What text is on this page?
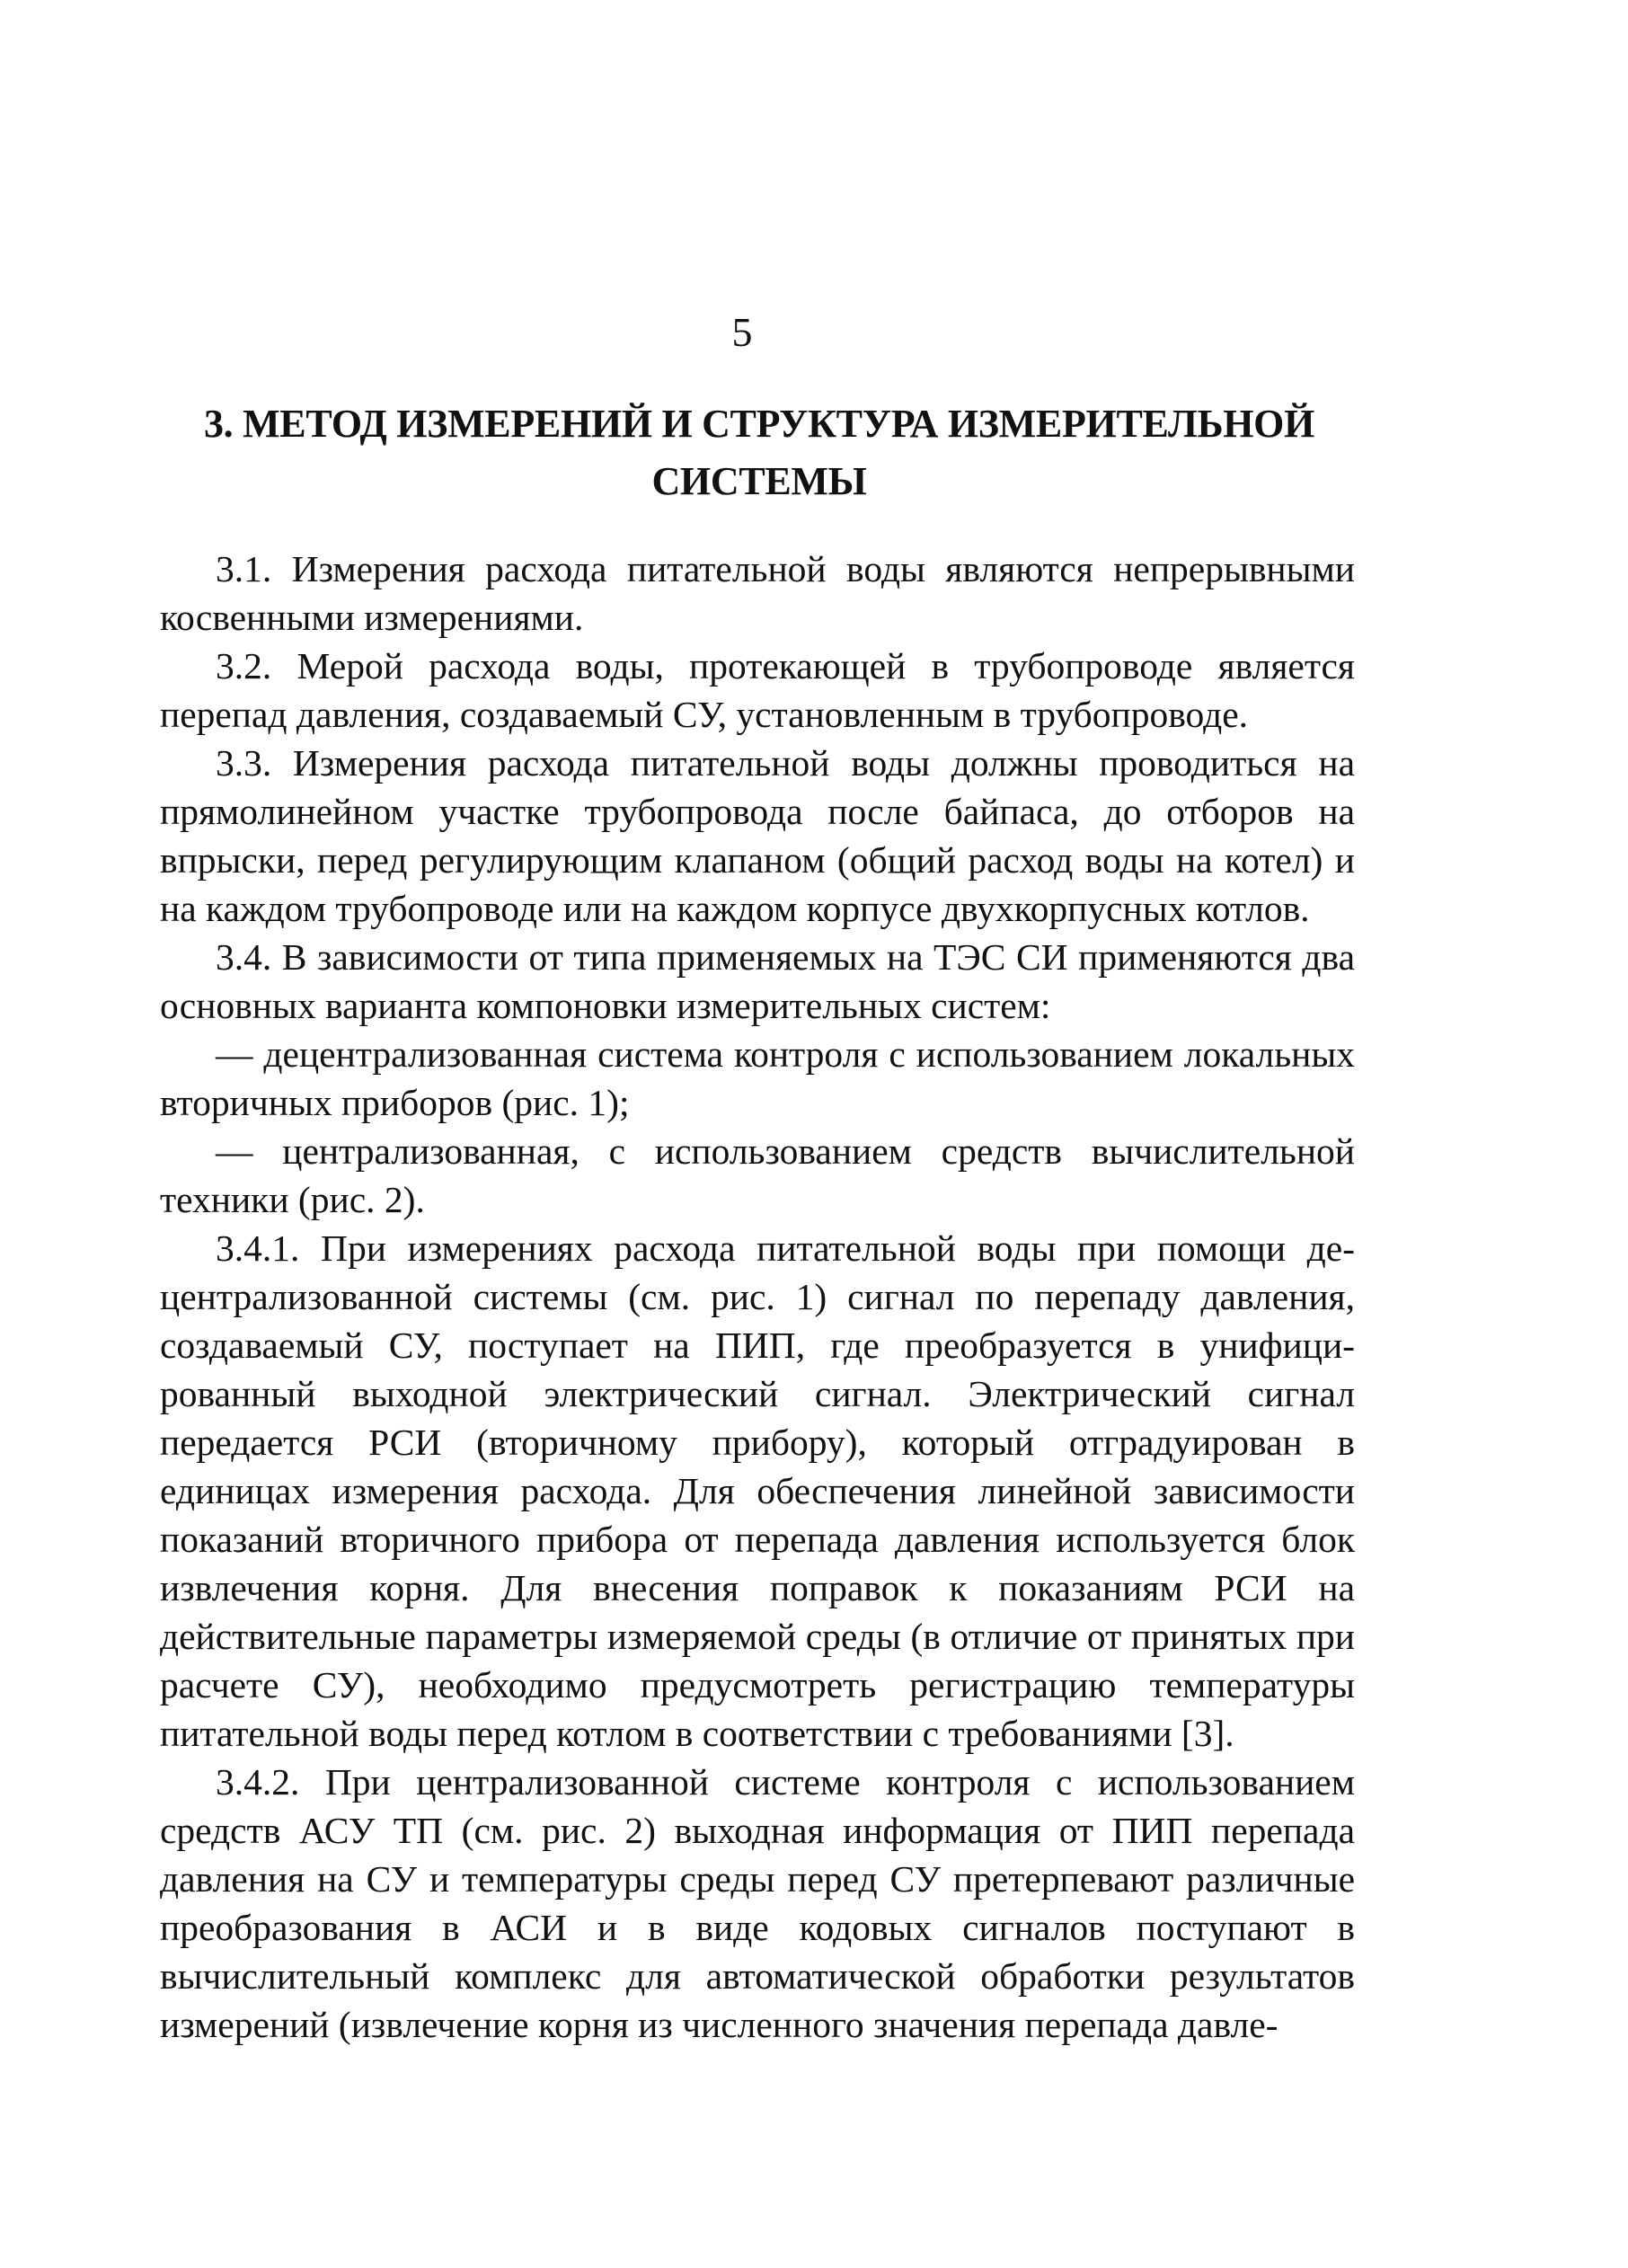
5
3. МЕТОД ИЗМЕРЕНИЙ И СТРУКТУРА ИЗМЕРИТЕЛЬНОЙ
СИСТЕМЫ

3.1. Измерения расхода питательной воды являются непрерывными косвенными измерениями.

3.2. Мерой расхода воды, протекающей в трубопроводе является перепад давления, создаваемый СУ, установленным в трубопроводе.

3.3. Измерения расхода питательной воды должны проводиться на прямолинейном участке трубопровода после байпаса, до отборов на впрыски, перед регулирующим клапаном (общий расход воды на котел) и на каждом трубопроводе или на каждом корпусе двухкорпусных котлов.

3.4. В зависимости от типа применяемых на ТЭС СИ применяются два основных варианта компоновки измерительных систем:

— децентрализованная система контроля с использованием локальных вторичных приборов (рис. 1);

— централизованная, с использованием средств вычислительной техники (рис. 2).

3.4.1. При измерениях расхода питательной воды при помощи децентрализованной системы (см. рис. 1) сигнал по перепаду давления, создаваемый СУ, поступает на ПИП, где преобразуется в унифицированный выходной электрический сигнал. Электрический сигнал передается РСИ (вторичному прибору), который отградуирован в единицах измерения расхода. Для обеспечения линейной зависимости показаний вторичного прибора от перепада давления используется блок извлечения корня. Для внесения поправок к показаниям РСИ на действительные параметры измеряемой среды (в отличие от принятых при расчете СУ), необходимо предусмотреть регистрацию температуры питательной воды перед котлом в соответствии с требованиями [3].

3.4.2. При централизованной системе контроля с использованием средств АСУ ТП (см. рис. 2) выходная информация от ПИП перепада давления на СУ и температуры среды перед СУ претерпевают различные преобразования в АСИ и в виде кодовых сигналов поступают в вычислительный комплекс для автоматической обработки результатов измерений (извлечение корня из численного значения перепада давле-
